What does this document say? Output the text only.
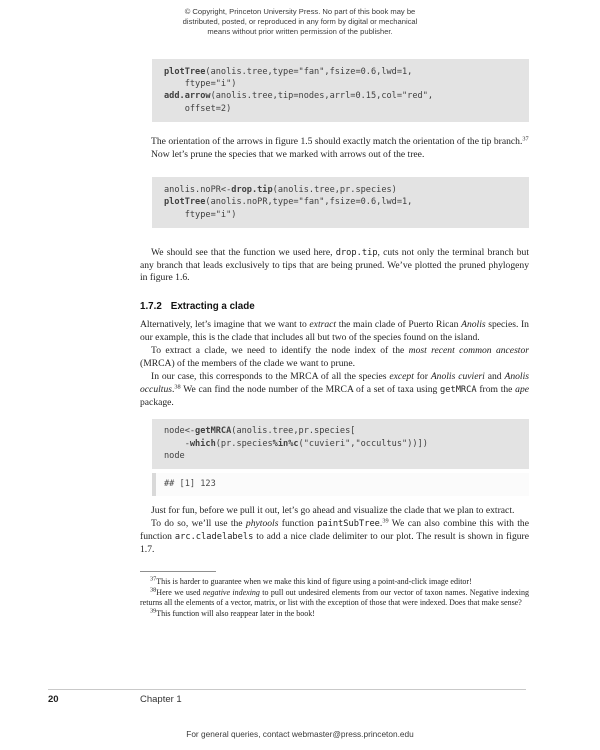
© Copyright, Princeton University Press. No part of this book may be
distributed, posted, or reproduced in any form by digital or mechanical
means without prior written permission of the publisher.
plotTree(anolis.tree,type="fan",fsize=0.6,lwd=1,
ftype="i")
add.arrow(anolis.tree,tip=nodes,arrl=0.15,col="red",
offset=2)

The orientation of the arrows in figure 1.5 should exactly match the orientation of the tip branch.$^{37}$

Now let’s prune the species that we marked with arrows out of the tree.

anolis.noPR<-drop.tip(anolis.tree,pr.species)
plotTree(anolis.noPR,type="fan",fsize=0.6,lwd=1,
ftype="i")

We should see that the function we used here, drop.tip, cuts not only the terminal branch but any branch that leads exclusively to tips that are being pruned. We’ve plotted the pruned phylogeny in figure 1.6.

1.7.2 Extracting a clade

Alternatively, let’s imagine that we want to extract the main clade of Puerto Rican Anolis species. In our example, this is the clade that includes all but two of the species found on the island.

To extract a clade, we need to identify the node index of the most recent common ancestor (MRCA) of the members of the clade we want to prune.

In our case, this corresponds to the MRCA of all the species except for Anolis cuvieri and Anolis occultus.$^{38}$ We can find the node number of the MRCA of a set of taxa using getMRCA from the ape package.

node<-getMRCA(anolis.tree,pr.species[
-which(pr.species%in%c("cuvieri","occultus"))])
node
## [1] 123

Just for fun, before we pull it out, let’s go ahead and visualize the clade that we plan to extract.

To do so, we’ll use the phytools function paintSubTree.$^{39}$ We can also combine this with the function arc.cladelabels to add a nice clade delimiter to our plot. The result is shown in figure 1.7.

$^{37}$This is harder to guarantee when we make this kind of figure using a point-and-click image editor!

$^{38}$Here we used negative indexing to pull out undesired elements from our vector of taxon names. Negative indexing returns all the elements of a vector, matrix, or list with the exception of those that were indexed. Does that make sense?

$^{39}$This function will also reappear later in the book!

20	Chapter 1
For general queries, contact webmaster@press.princeton.edu
